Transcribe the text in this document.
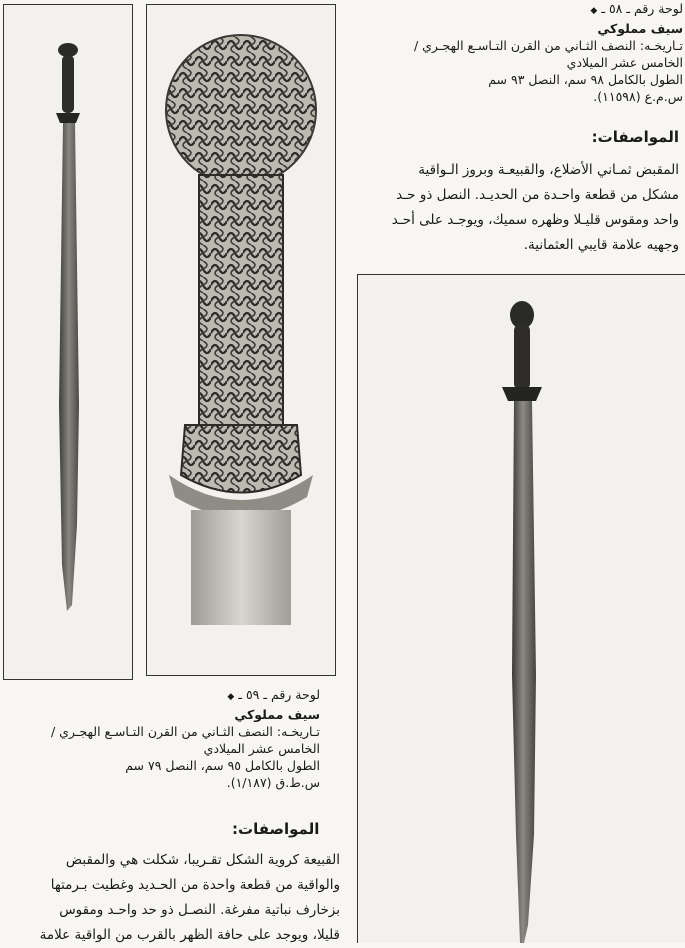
لوحة رقم ـ ٥٨ ـ ◆
سيف مملوكي
تـاريخـه: النصف الثـاني من القرن التـاسـع الهجـري /
الخامس عشر الميلادي
الطول بالكامل ٩٨ سم، النصل ٩٣ سم
س.م.ع (١١٥٩٨).
المواصفات:
المقبض ثمـاني الأضلاع، والقبيعـة وبروز الـواقية
مشكل من قطعة واحـدة من الحديـد. النصل ذو حـد
واحد ومقوس قليـلا وظهره سميك، ويوجـد على أحـد
وجهيه علامة قايبي العثمانية.
لوحة رقم ـ ٥٩ ـ ◆
سيف مملوكي
تـاريخـه: النصف الثـاني من القرن التـاسـع الهجـري /
الخامس عشر الميلادي
الطول بالكامل ٩٥ سم، النصل ٧٩ سم
س.ط.ق (١/١٨٧).
المواصفات:
القبيعة كروية الشكل تقـريبا، شكلت هي والمقبض
والواقية من قطعة واحدة من الحـديد وغطيت بـرمتها
بزخارف نباتية مفرغة. النصـل ذو حد واحـد ومقوس
قليلا، ويوجد على حافة الظهر بالقرب من الواقية علامة
